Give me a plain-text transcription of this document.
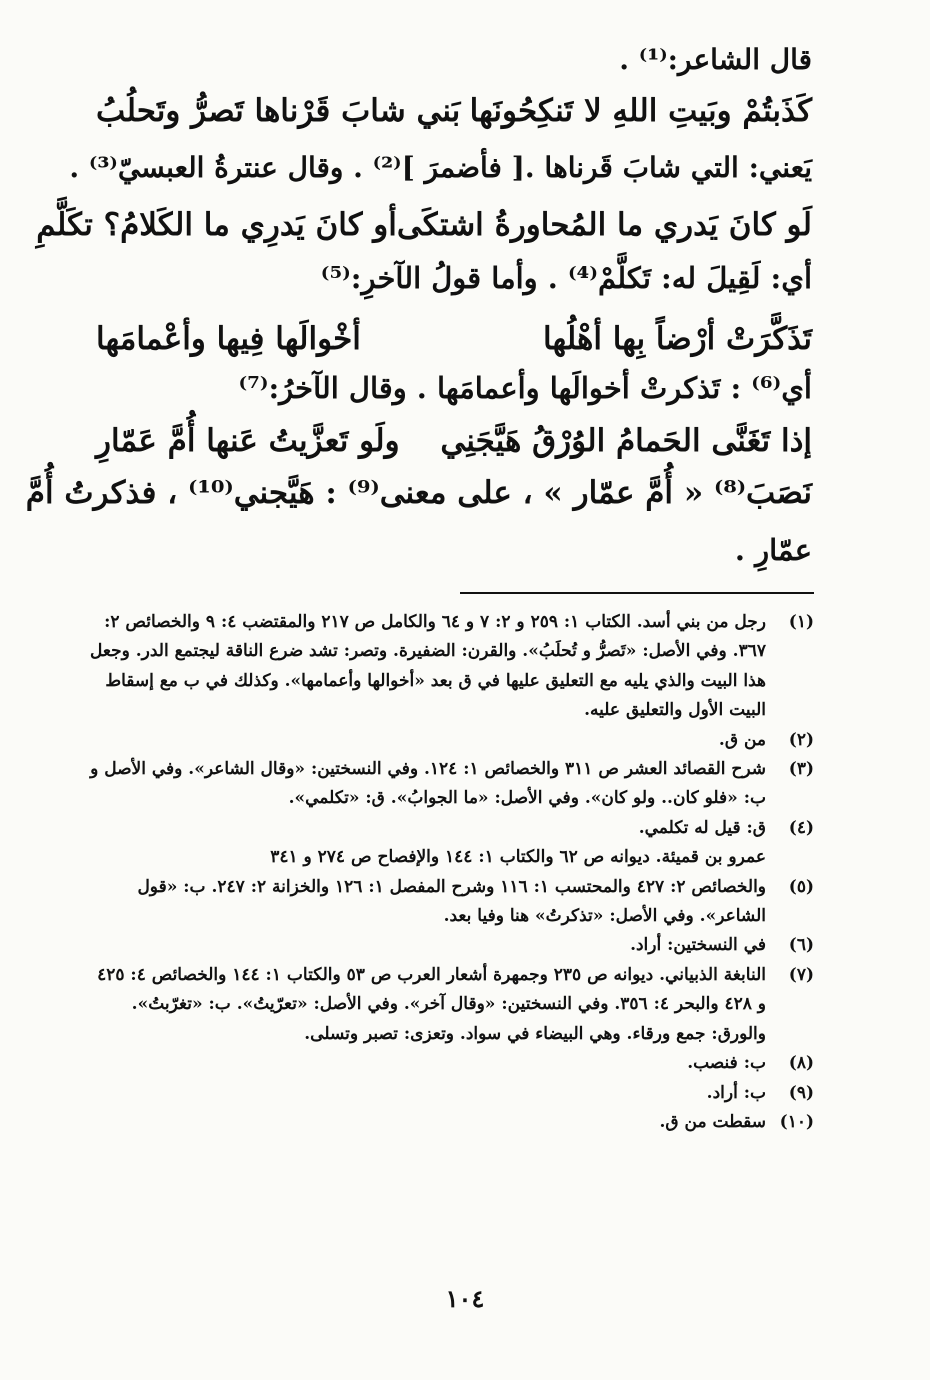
قال الشاعر:⁽¹⁾ .
كَذَبتُمْ وبَيتِ اللهِ لا تَنكِحُونَها
بَني شابَ قَرْناها تَصرُّ وتَحلُبُ
يَعني: التي شابَ قَرناها .[ فأضمرَ ]⁽²⁾ . وقال عنترةُ العبسيّ⁽³⁾ .
لَو كانَ يَدري ما المُحاورةُ اشتكَى
أو كانَ يَدرِي ما الكَلامُ؟ تكَلَّمِ
أي: لَقِيلَ له: تَكلَّمْ⁽⁴⁾ . وأما قولُ الآخرِ:⁽⁵⁾
تَذَكَّرَتْ أرْضاً بِها أهْلُها
أخْوالَها فِيها وأعْمامَها
أي⁽⁶⁾ : تَذكرتْ أخوالَها وأعمامَها . وقال الآخرُ:⁽⁷⁾
إذا تَغَنَّى الحَمامُ الوُرْقُ هَيَّجَنِي
ولَو تَعزَّيتُ عَنها أُمَّ عَمّارِ
نَصَبَ⁽⁸⁾ « أُمَّ عمّار » ، على معنى⁽⁹⁾ : هَيَّجني⁽¹⁰⁾ ، فذكرتُ أُمَّ
عمّارِ .
(١)
رجل من بني أسد. الكتاب ١: ٢٥٩ و ٢: ٧ و ٦٤ والكامل ص ٢١٧ والمقتضب ٤: ٩ والخصائص ٢: ٣٦٧. وفي الأصل: «تَصرُّ و تُحلَبُ». والقرن: الضفيرة. وتصر: تشد ضرع الناقة ليجتمع الدر. وجعل هذا البيت والذي يليه مع التعليق عليها في ق بعد «أخوالها وأعمامها». وكذلك في ب مع إسقاط البيت الأول والتعليق عليه.
(٢)
من ق.
(٣)
شرح القصائد العشر ص ٣١١ والخصائص ١: ١٢٤. وفي النسختين: «وقال الشاعر». وفي الأصل و ب: «فلو كان.. ولو كان». وفي الأصل: «ما الجوابُ». ق: «تكلمي».
(٤)
ق: قيل له تكلمي.
عمرو بن قميئة. ديوانه ص ٦٢ والكتاب ١: ١٤٤ والإفصاح ص ٢٧٤ و ٣٤١
(٥)
والخصائص ٢: ٤٢٧ والمحتسب ١: ١١٦ وشرح المفصل ١: ١٢٦ والخزانة ٢: ٢٤٧. ب: «قول الشاعر». وفي الأصل: «تذكرتُ» هنا وفيا بعد.
(٦)
في النسختين: أراد.
(٧)
النابغة الذبياني. ديوانه ص ٢٣٥ وجمهرة أشعار العرب ص ٥٣ والكتاب ١: ١٤٤ والخصائص ٤: ٤٢٥ و ٤٢٨ والبحر ٤: ٣٥٦. وفي النسختين: «وقال آخر». وفي الأصل: «تعرّيتُ». ب: «تغرّبتُ». والورق: جمع ورقاء. وهي البيضاء في سواد. وتعزى: تصبر وتسلى.
(٨)
ب: فنصب.
(٩)
ب: أراد.
(١٠)
سقطت من ق.
١٠٤
